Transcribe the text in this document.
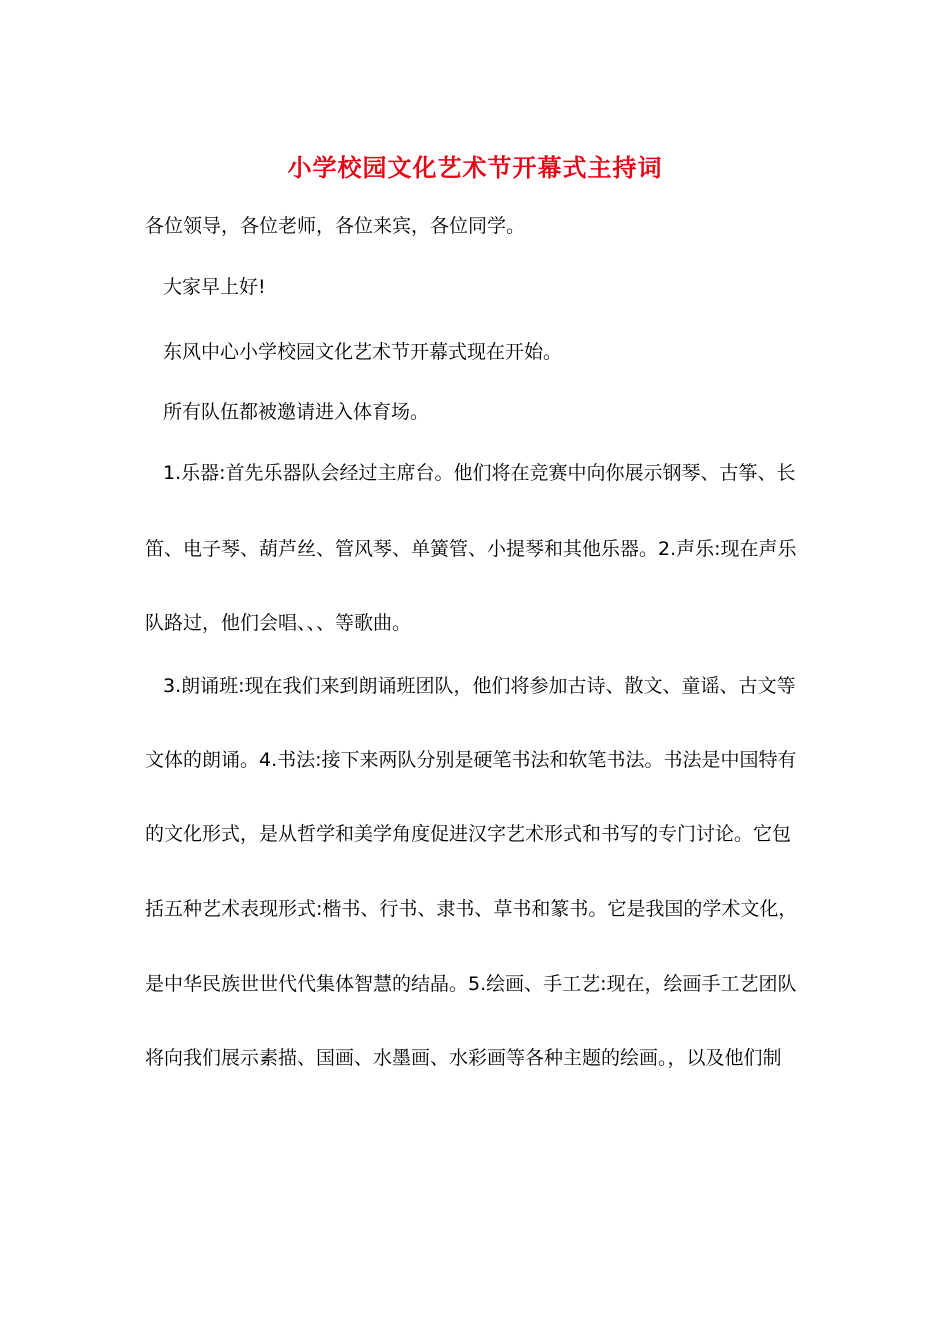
小学校园文化艺术节开幕式主持词
各位领导，各位老师，各位来宾，各位同学。
大家早上好!
东风中心小学校园文化艺术节开幕式现在开始。
所有队伍都被邀请进入体育场。
1.乐器:首先乐器队会经过主席台。他们将在竞赛中向你展示钢琴、古筝、长
笛、电子琴、葫芦丝、管风琴、单簧管、小提琴和其他乐器。2.声乐:现在声乐
队路过，他们会唱、、、等歌曲。
3.朗诵班:现在我们来到朗诵班团队，他们将参加古诗、散文、童谣、古文等
文体的朗诵。4.书法:接下来两队分别是硬笔书法和软笔书法。书法是中国特有
的文化形式，是从哲学和美学角度促进汉字艺术形式和书写的专门讨论。它包
括五种艺术表现形式:楷书、行书、隶书、草书和篆书。它是我国的学术文化，
是中华民族世世代代集体智慧的结晶。5.绘画、手工艺:现在，绘画手工艺团队
将向我们展示素描、国画、水墨画、水彩画等各种主题的绘画。，以及他们制
